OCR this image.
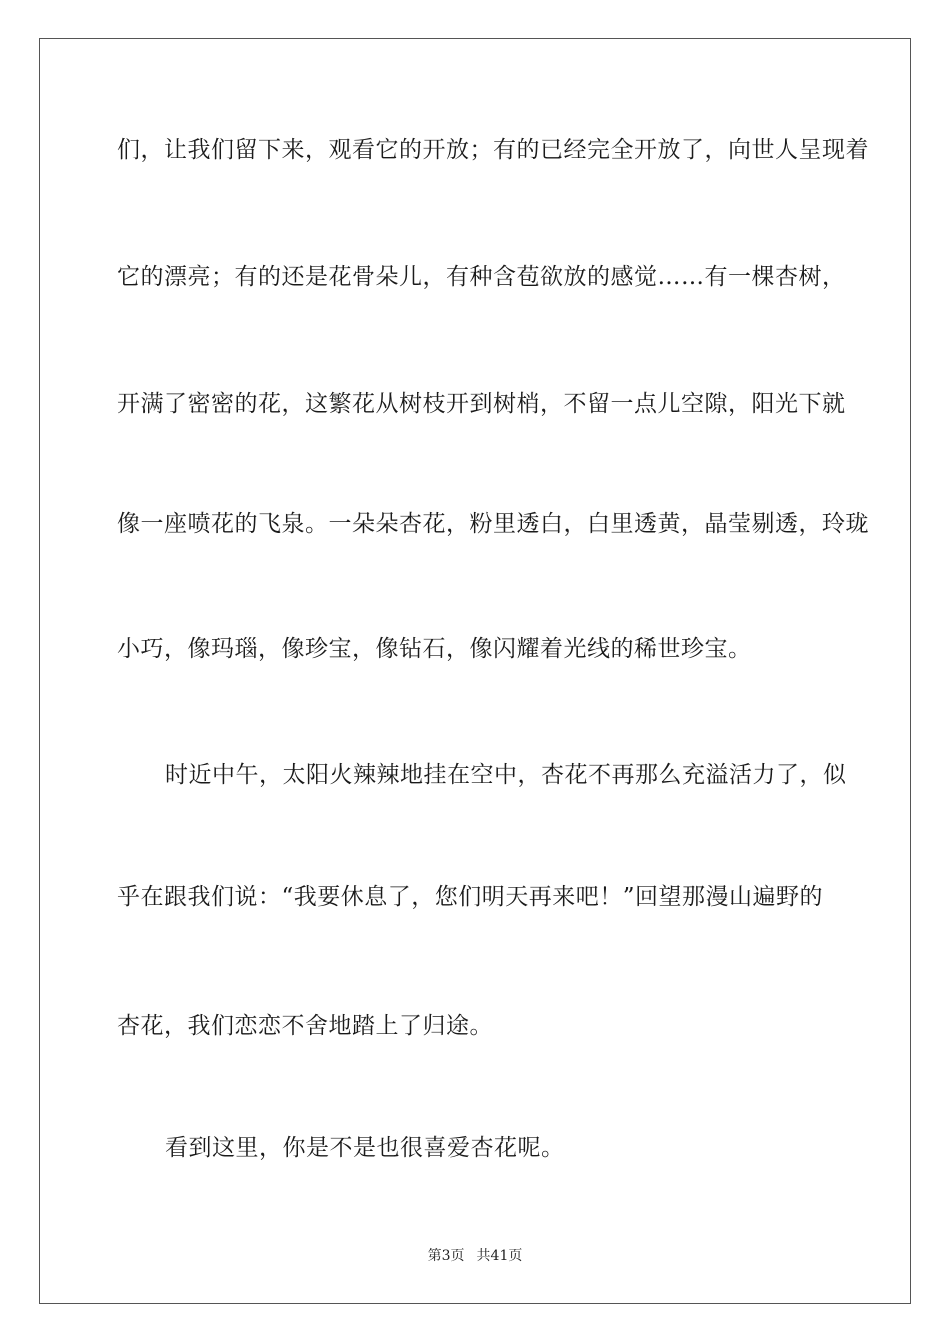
们，让我们留下来，观看它的开放；有的已经完全开放了，向世人呈现着
它的漂亮；有的还是花骨朵儿，有种含苞欲放的感觉……有一棵杏树，
开满了密密的花，这繁花从树枝开到树梢，不留一点儿空隙，阳光下就
像一座喷花的飞泉。一朵朵杏花，粉里透白，白里透黄，晶莹剔透，玲珑
小巧，像玛瑙，像珍宝，像钻石，像闪耀着光线的稀世珍宝。
时近中午，太阳火辣辣地挂在空中，杏花不再那么充溢活力了，似
乎在跟我们说：“我要休息了，您们明天再来吧！”回望那漫山遍野的
杏花，我们恋恋不舍地踏上了归途。
看到这里，你是不是也很喜爱杏花呢。
第3页 共41页
